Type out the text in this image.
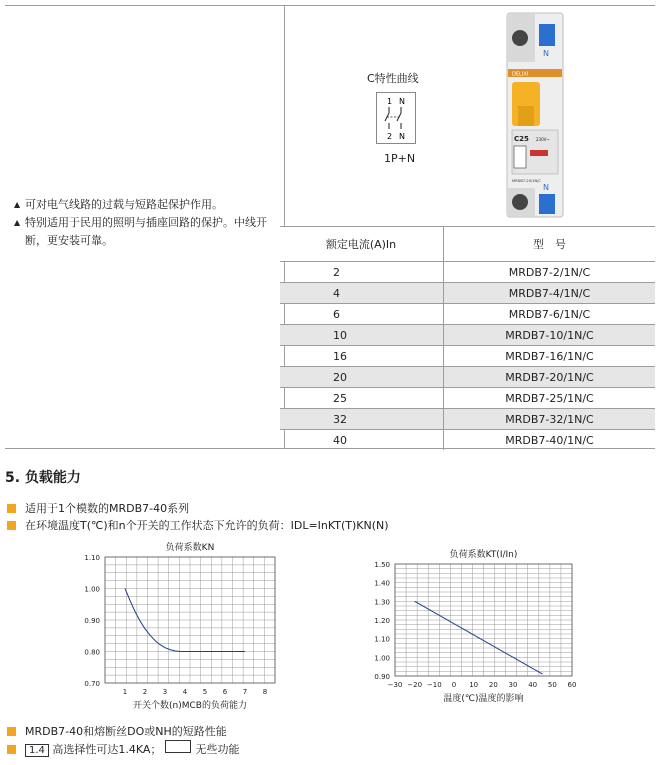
▲ 可对电气线路的过载与短路起保护作用。
▲ 特别适用于民用的照明与插座回路的保护。中线开断，更安装可靠。
C特性曲线
1 N
2 N
1P+N
N
DELIXI
C25 230V~
MRDB7-25/1N/C
N
额定电流(A)In	型　号
2	MRDB7-2/1N/C
4	MRDB7-4/1N/C
6	MRDB7-6/1N/C
10	MRDB7-10/1N/C
16	MRDB7-16/1N/C
20	MRDB7-20/1N/C
25	MRDB7-25/1N/C
32	MRDB7-32/1N/C
40	MRDB7-40/1N/C
5. 负载能力
适用于1个模数的MRDB7-40系列
在环境温度T(℃)和n个开关的工作状态下允许的负荷：IDL=InKT(T)KN(N)
负荷系数KN
0.70
0.80
0.90
1.00
1.10
1 2 3 4 5 6 7 8
开关个数(n)MCB的负荷能力
负荷系数KT(I/In)
0.90
1.00
1.10
1.20
1.30
1.40
1.50
−30 −20 −10 0 10 20 30 40 50 60
温度(℃)温度的影响
MRDB7-40和熔断丝DO或NH的短路性能
1.4 高选择性可达1.4KA；	无些功能
